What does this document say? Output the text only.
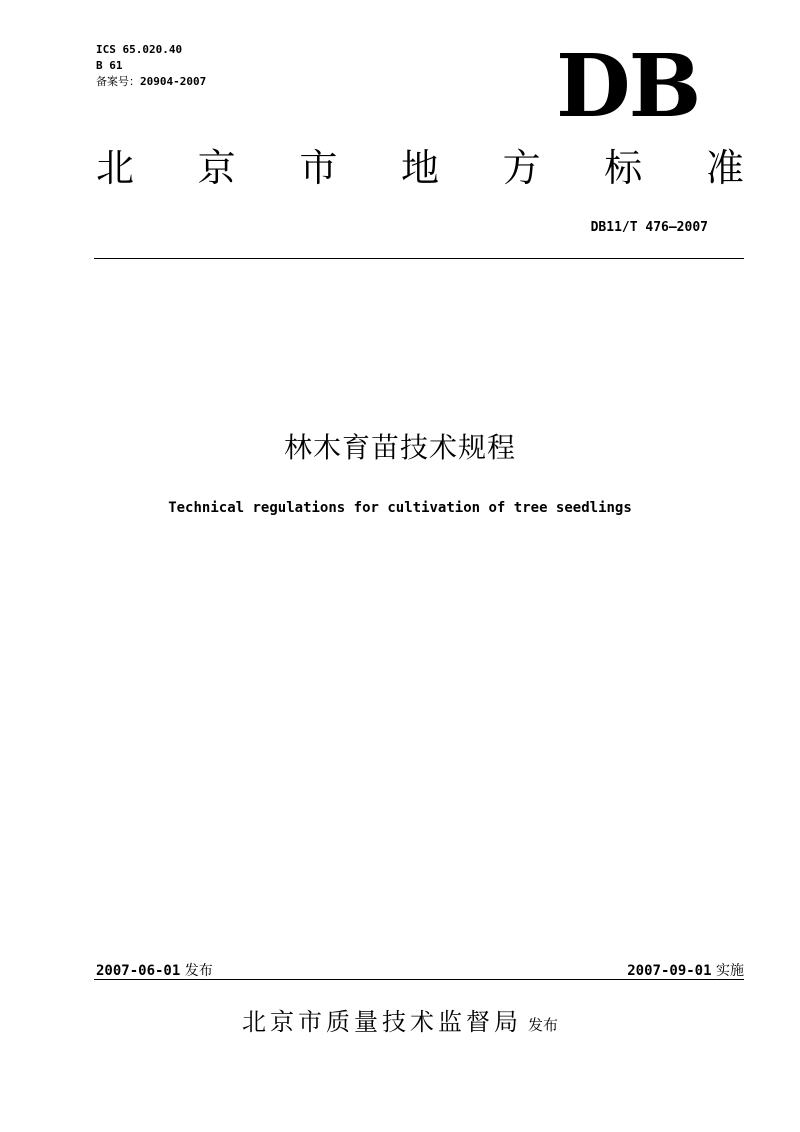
ICS 65.020.40
B 61
备案号：20904-2007	DB
北 京 市 地 方 标 准
DB11/T 476—2007
林木育苗技术规程
Technical regulations for cultivation of tree seedlings
2007-06-01 发布	2007-09-01 实施
北京市质量技术监督局 发布
